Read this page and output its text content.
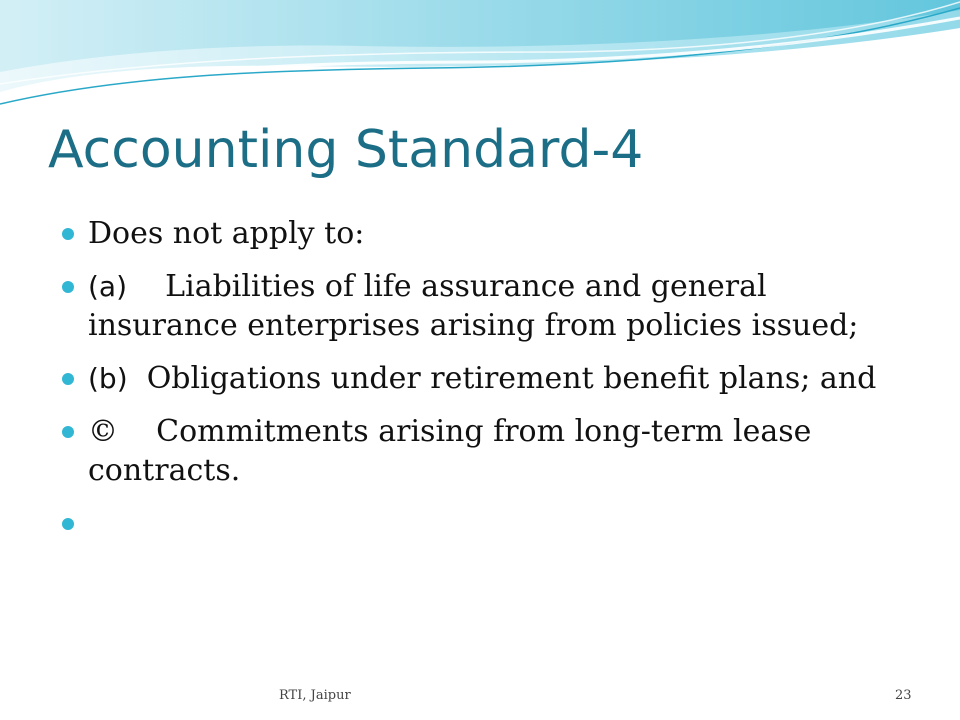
Accounting Standard-4
Does not apply to:
(a) Liabilities of life assurance and general insurance enterprises arising from policies issued;
(b) Obligations under retirement benefit plans; and
© Commitments arising from long-term lease contracts.
RTI, Jaipur	23
